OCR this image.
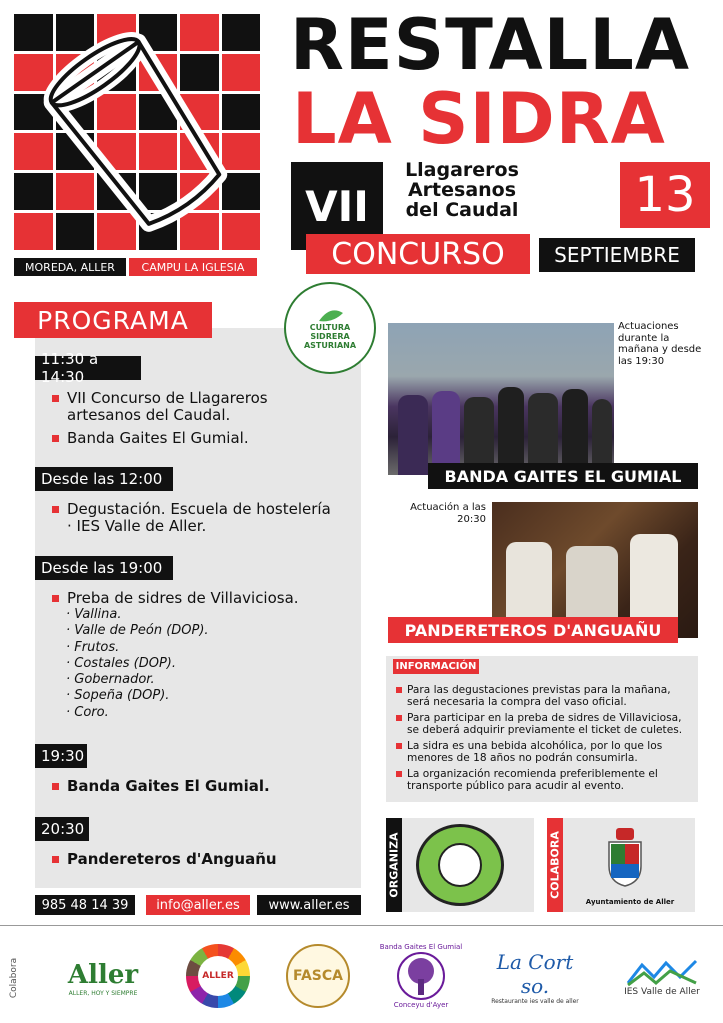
RESTALLA
LA SIDRA
VII
Llagareros Artesanos del Caudal
CONCURSO
13
SEPTIEMBRE
MOREDA, ALLER	CAMPU LA IGLESIA
PROGRAMA
11:30 a 14:30
VII Concurso de Llagareros artesanos del Caudal.
Banda Gaites El Gumial.
Desde las 12:00
Degustación. Escuela de hostelería · IES Valle de Aller.
Desde las 19:00
Preba de sidres de Villaviciosa.
· Vallina.
· Valle de Peón (DOP).
· Frutos.
· Costales (DOP).
· Gobernador.
· Sopeña (DOP).
· Coro.
19:30
Banda Gaites El Gumial.
20:30
Pandereteros d'Anguañu
CULTURA
SIDRERA
ASTURIANA
BANDA GAITES EL GUMIAL
Actuaciones durante la mañana y desde las 19:30
Actuación a las 20:30
PANDERETEROS D'ANGUAÑU
INFORMACIÓN
Para las degustaciones previstas para la mañana, será necesaria la compra del vaso oficial.
Para participar en la preba de sidres de Villaviciosa, se deberá adquirir previamente el ticket de culetes.
La sidra es una bebida alcohólica, por lo que los menores de 18 años no podrán consumirla.
La organización recomienda preferiblemente el transporte público para acudir al evento.
ORGANIZA	COLABORA
Ayuntamiento de Aller
985 48 14 39	info@aller.es	www.aller.es
Colabora Aller
ALLER, HOY Y SIEMPRE
ALLER	FASCA
Banda Gaites El Gumial
Conceyu d'Ayer
La Cort so.
Restaurante ies valle de aller
IES Valle de Aller
